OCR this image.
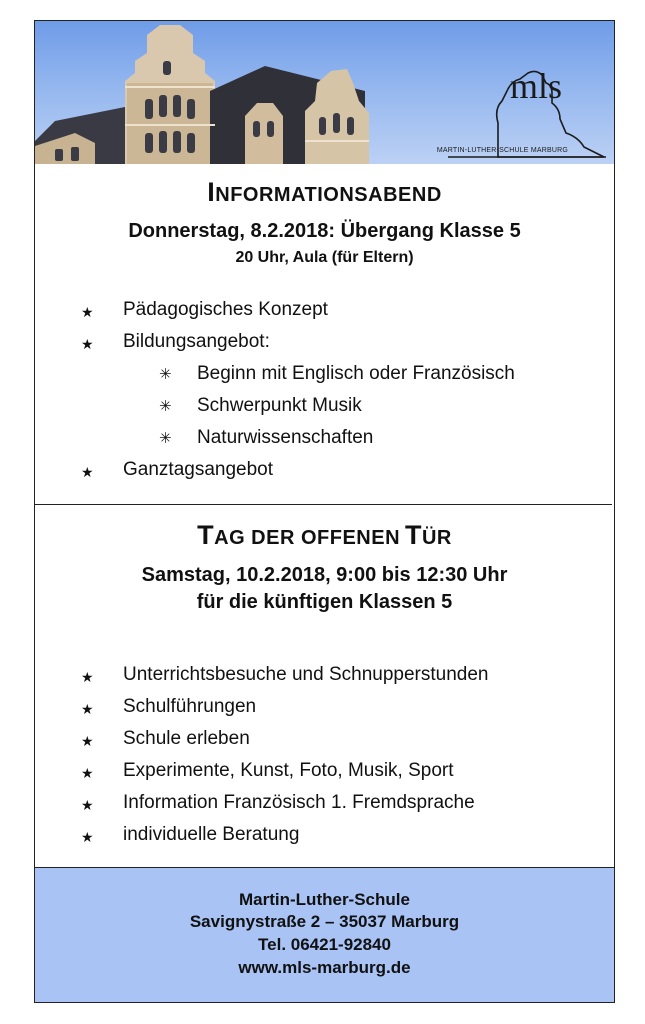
mls
MARTIN-LUTHER-SCHULE MARBURG
INFORMATIONSABEND
Donnerstag, 8.2.2018: Übergang Klasse 5
20 Uhr, Aula (für Eltern)
★ Pädagogisches Konzept
★ Bildungsangebot:
✳ Beginn mit Englisch oder Französisch
✳ Schwerpunkt Musik
✳ Naturwissenschaften
★ Ganztagsangebot
TAG DER OFFENEN TÜR
Samstag, 10.2.2018, 9:00 bis 12:30 Uhr
für die künftigen Klassen 5
★ Unterrichtsbesuche und Schnupperstunden
★ Schulführungen
★ Schule erleben
★ Experimente, Kunst, Foto, Musik, Sport
★ Information Französisch 1. Fremdsprache
★ individuelle Beratung
Martin-Luther-Schule
Savignystraße 2 – 35037 Marburg
Tel. 06421-92840
www.mls-marburg.de
